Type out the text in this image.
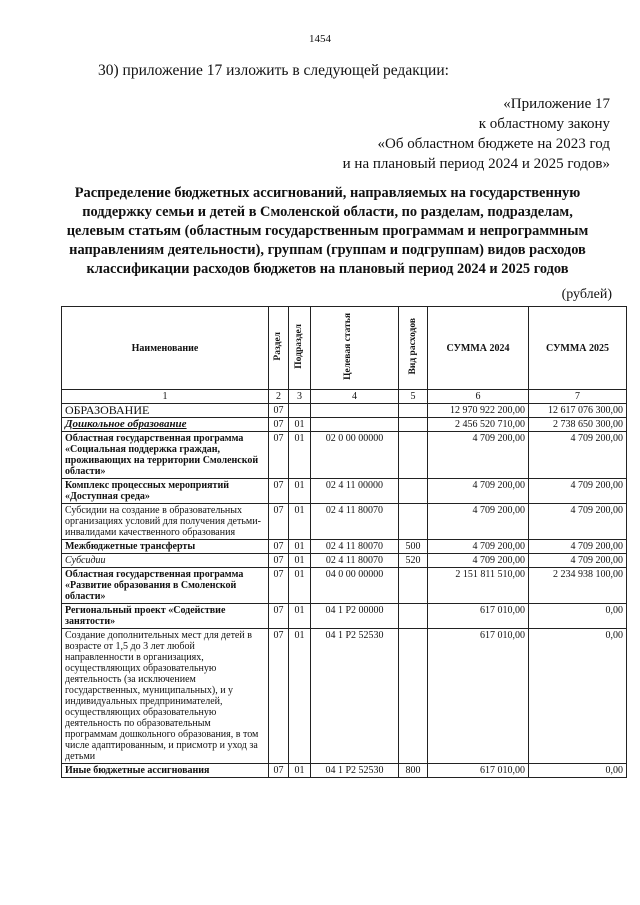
1454
30) приложение 17 изложить в следующей редакции:
«Приложение 17
к областному закону
«Об областном бюджете на 2023 год
и на плановый период 2024 и 2025 годов»
Распределение бюджетных ассигнований, направляемых на государственную
поддержку семьи и детей в Смоленской области, по разделам, подразделам,
целевым статьям (областным государственным программам и непрограммным
направлениям деятельности), группам (группам и подгруппам) видов расходов
классификации расходов бюджетов на плановый период 2024 и 2025 годов
(рублей)
Наименование	Раздел	Подраздел	Целевая статья	Вид расходов	СУММА 2024	СУММА 2025
1	2	3	4	5	6	7
ОБРАЗОВАНИЕ	07				12 970 922 200,00	12 617 076 300,00
Дошкольное образование	07	01			2 456 520 710,00	2 738 650 300,00
Областная государственная программа «Социальная поддержка граждан, проживающих на территории Смоленской области»	07	01	02 0 00 00000		4 709 200,00	4 709 200,00
Комплекс процессных мероприятий «Доступная среда»	07	01	02 4 11 00000		4 709 200,00	4 709 200,00
Субсидии на создание в образовательных организациях условий для получения детьми-инвалидами качественного образования	07	01	02 4 11 80070		4 709 200,00	4 709 200,00
Межбюджетные трансферты	07	01	02 4 11 80070	500	4 709 200,00	4 709 200,00
Субсидии	07	01	02 4 11 80070	520	4 709 200,00	4 709 200,00
Областная государственная программа «Развитие образования в Смоленской области»	07	01	04 0 00 00000		2 151 811 510,00	2 234 938 100,00
Региональный проект «Содействие занятости»	07	01	04 1 P2 00000		617 010,00	0,00
Создание дополнительных мест для детей в возрасте от 1,5 до 3 лет любой направленности в организациях, осуществляющих образовательную деятельность (за исключением государственных, муниципальных), и у индивидуальных предпринимателей, осуществляющих образовательную деятельность по образовательным программам дошкольного образования, в том числе адаптированным, и присмотр и уход за детьми	07	01	04 1 P2 52530		617 010,00	0,00
Иные бюджетные ассигнования	07	01	04 1 P2 52530	800	617 010,00	0,00
